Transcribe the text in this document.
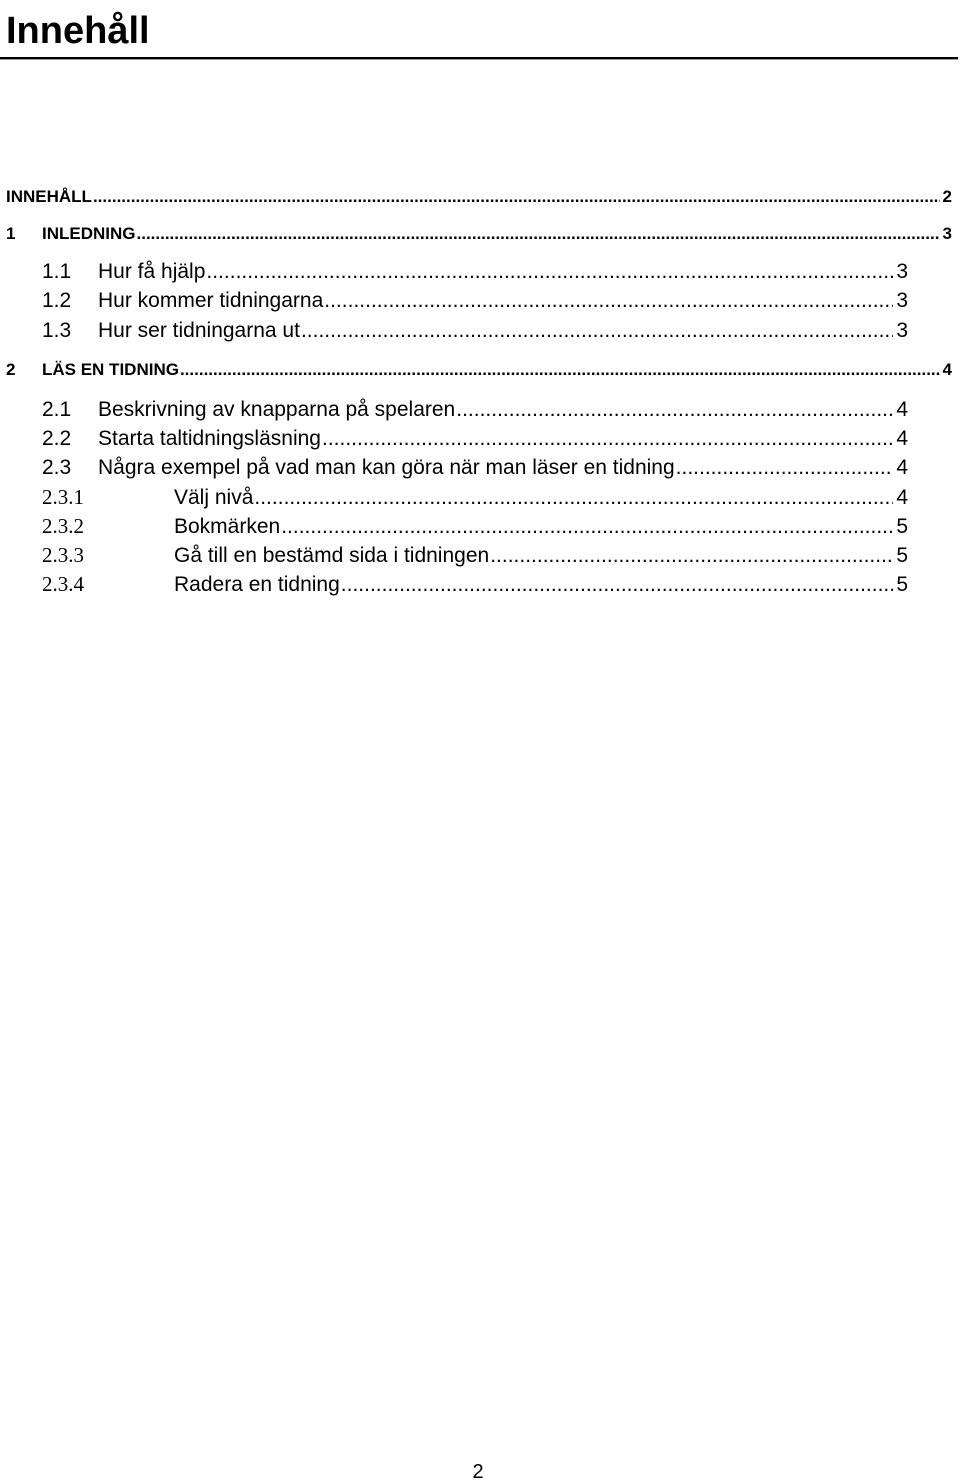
Innehåll
INNEHÅLL .....	2
1	INLEDNING .....	3
1.1	Hur få hjälp .....	3
1.2	Hur kommer tidningarna .....	3
1.3	Hur ser tidningarna ut .....	3
2	LÄS EN TIDNING .....	4
2.1	Beskrivning av knapparna på spelaren .....	4
2.2	Starta taltidningsläsning .....	4
2.3	Några exempel på vad man kan göra när man läser en tidning .....	4
2.3.1	Välj nivå .....	4
2.3.2	Bokmärken .....	5
2.3.3	Gå till en bestämd sida i tidningen .....	5
2.3.4	Radera en tidning .....	5
2
